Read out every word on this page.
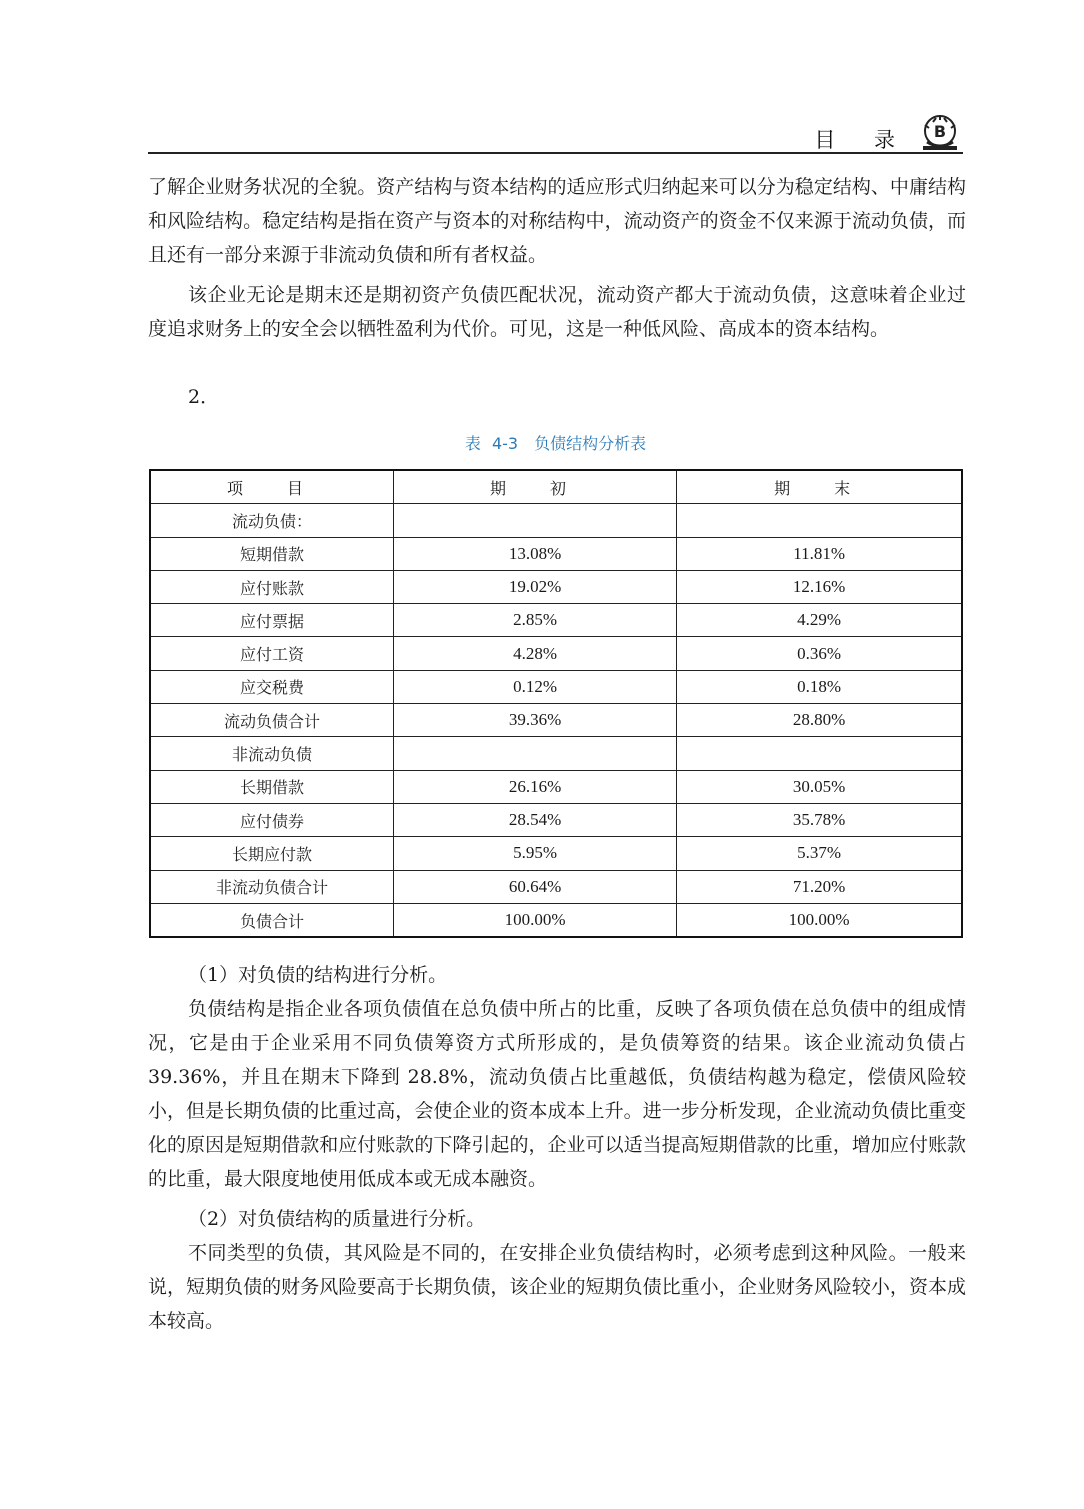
目 录 B

了解企业财务状况的全貌。资产结构与资本结构的适应形式归纳起来可以分为稳定结构、中庸结构和风险结构。稳定结构是指在资产与资本的对称结构中，流动资产的资金不仅来源于流动负债，而且还有一部分来源于非流动负债和所有者权益。

该企业无论是期末还是期初资产负债匹配状况，流动资产都大于流动负债，这意味着企业过度追求财务上的安全会以牺牲盈利为代价。可见，这是一种低风险、高成本的资本结构。

2．

表 4-3　负债结构分析表
项　目	期　初	期　末
流动负债：		
短期借款	13.08%	11.81%
应付账款	19.02%	12.16%
应付票据	2.85%	4.29%
应付工资	4.28%	0.36%
应交税费	0.12%	0.18%
流动负债合计	39.36%	28.80%
非流动负债		
长期借款	26.16%	30.05%
应付债券	28.54%	35.78%
长期应付款	5.95%	5.37%
非流动负债合计	60.64%	71.20%
负债合计	100.00%	100.00%

（1）对负债的结构进行分析。

负债结构是指企业各项负债值在总负债中所占的比重，反映了各项负债在总负债中的组成情况，它是由于企业采用不同负债筹资方式所形成的，是负债筹资的结果。该企业流动负债占 39.36%，并且在期末下降到 28.8%，流动负债占比重越低，负债结构越为稳定，偿债风险较小，但是长期负债的比重过高，会使企业的资本成本上升。进一步分析发现，企业流动负债比重变化的原因是短期借款和应付账款的下降引起的，企业可以适当提高短期借款的比重，增加应付账款的比重，最大限度地使用低成本或无成本融资。

（2）对负债结构的质量进行分析。

不同类型的负债，其风险是不同的，在安排企业负债结构时，必须考虑到这种风险。一般来说，短期负债的财务风险要高于长期负债，该企业的短期负债比重小，企业财务风险较小，资本成本较高。
